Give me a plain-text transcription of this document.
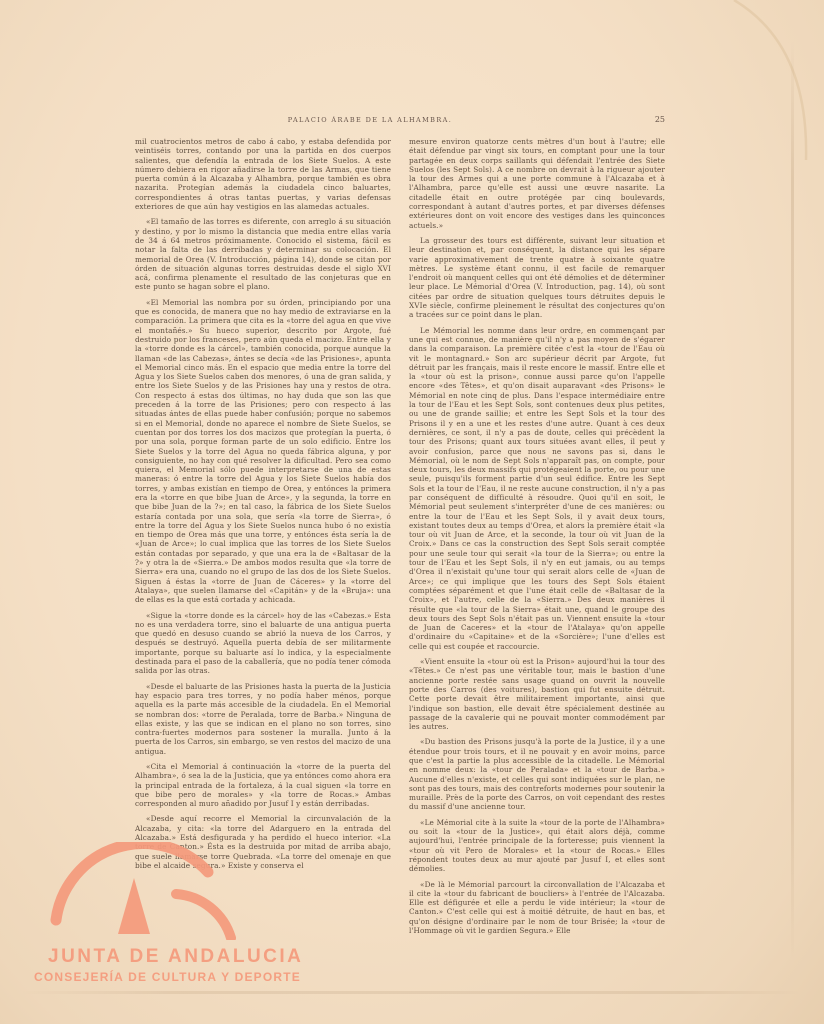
PALACIO ÁRABE DE LA ALHAMBRA.	25

mil cuatrocientos metros de cabo á cabo, y estaba defendida por veintiséis torres, contando por una la partida en dos cuerpos salientes, que defendía la entrada de los Siete Suelos. A este número debiera en rigor añadirse la torre de las Armas, que tiene puerta común á la Alcazaba y Alhambra, porque también es obra nazarita. Protegían además la ciudadela cinco baluartes, correspondientes á otras tantas puertas, y varias defensas exteriores de que aún hay vestigios en las alamedas actuales.

«El tamaño de las torres es diferente, con arreglo á su situación y destino, y por lo mismo la distancia que media entre ellas varía de 34 á 64 metros próximamente. Conocido el sistema, fácil es notar la falta de las derribadas y determinar su colocación. El memorial de Orea (V. Introducción, página 14), donde se citan por órden de situación algunas torres destruidas desde el siglo XVI acá, confirma plenamente el resultado de las conjeturas que en este punto se hagan sobre el plano.

«El Memorial las nombra por su órden, principiando por una que es conocida, de manera que no hay medio de extraviarse en la comparación. La primera que cita es la «torre del agua en que vive el montañés.» Su hueco superior, descrito por Argote, fué destruido por los franceses, pero aún queda el macizo. Entre ella y la «torre donde es la cárcel», también conocida, porque aunque la llaman «de las Cabezas», ántes se decía «de las Prisiones», apunta el Memorial cinco más. En el espacio que media entre la torre del Agua y los Siete Suelos caben dos menores, ó una de gran salida, y entre los Siete Suelos y de las Prisiones hay una y restos de otra. Con respecto á estas dos últimas, no hay duda que son las que preceden á la torre de las Prisiones; pero con respecto á las situadas ántes de ellas puede haber confusión; porque no sabemos si en el Memorial, donde no aparece el nombre de Siete Suelos, se cuentan por dos torres los dos macizos que protegían la puerta, ó por una sola, porque forman parte de un solo edificio. Entre los Siete Suelos y la torre del Agua no queda fábrica alguna, y por consiguiente, no hay con qué resolver la dificultad. Pero sea como quiera, el Memorial sólo puede interpretarse de una de estas maneras: ó entre la torre del Agua y los Siete Suelos había dos torres, y ambas existían en tiempo de Orea, y entónces la primera era la «torre en que bibe Juan de Arce», y la segunda, la torre en que bibe Juan de la ?»; en tal caso, la fábrica de los Siete Suelos estaría contada por una sola, que sería «la torre de Sierra», ó entre la torre del Agua y los Siete Suelos nunca hubo ó no existía en tiempo de Orea más que una torre, y entónces ésta sería la de «Juan de Arce»; lo cual implica que las torres de los Siete Suelos están contadas por separado, y que una era la de «Baltasar de la ?» y otra la de «Sierra.» De ambos modos resulta que «la torre de Sierra» era una, cuando no el grupo de las dos de los Siete Suelos. Siguen á éstas la «torre de Juan de Cáceres» y la «torre del Atalaya», que suelen llamarse del «Capitán» y de la «Bruja»: una de ellas es la que está cortada y achicada.

«Sigue la «torre donde es la cárcel» hoy de las «Cabezas.» Esta no es una verdadera torre, sino el baluarte de una antigua puerta que quedó en desuso cuando se abrió la nueva de los Carros, y después se destruyó. Aquella puerta debía de ser militarmente importante, porque su baluarte así lo indica, y la especialmente destinada para el paso de la caballería, que no podía tener cómoda salida por las otras.

«Desde el baluarte de las Prisiones hasta la puerta de la Justicia hay espacio para tres torres, y no podía haber ménos, porque aquella es la parte más accesible de la ciudadela. En el Memorial se nombran dos: «torre de Peralada, torre de Barba.» Ninguna de ellas existe, y las que se indican en el plano no son torres, sino contra-fuertes modernos para sostener la muralla. Junto á la puerta de los Carros, sin embargo, se ven restos del macizo de una antigua.

«Cita el Memorial á continuación la «torre de la puerta del Alhambra», ó sea la de la Justicia, que ya entónces como ahora era la principal entrada de la fortaleza, á la cual siguen «la torre en que bibe pero de morales» y «la torre de Rocas.» Ambas corresponden al muro añadido por Jusuf I y están derribadas.

«Desde aquí recorre el Memorial la circunvalación de la Alcazaba, y cita: «la torre del Adarguero en la entrada del Alcazaba.» Está desfigurada y ha perdido el hueco interior. «La torre de Canton.» Ésta es la destruida por mitad de arriba abajo, que suele llamarse torre Quebrada. «La torre del omenaje en que bibe el alcaide segura.» Existe y conserva el

mesure environ quatorze cents mètres d'un bout à l'autre; elle était défendue par vingt six tours, en comptant pour une la tour partagée en deux corps saillants qui défendait l'entrée des Siete Suelos (les Sept Sols). A ce nombre on devrait à la rigueur ajouter la tour des Armes qui a une porte commune à l'Alcazaba et à l'Alhambra, parce qu'elle est aussi une œuvre nasarite. La citadelle était en outre protégée par cinq boulevards, correspondant à autant d'autres portes, et par diverses défenses extérieures dont on voit encore des vestiges dans les quinconces actuels.»

La grosseur des tours est différente, suivant leur situation et leur destination et, par conséquent, la distance qui les sépare varie approximativement de trente quatre à soixante quatre mètres. Le système étant connu, il est facile de remarquer l'endroit où manquent celles qui ont été démolies et de déterminer leur place. Le Mémorial d'Orea (V. Introduction, pag. 14), où sont citées par ordre de situation quelques tours détruites depuis le XVIe siècle, confirme pleinement le résultat des conjectures qu'on a tracées sur ce point dans le plan.

Le Mémorial les nomme dans leur ordre, en commençant par une qui est connue, de manière qu'il n'y a pas moyen de s'égarer dans la comparaison. La première citée c'est la «tour de l'Eau où vit le montagnard.» Son arc supérieur décrit par Argote, fut détruit par les français, mais il reste encore le massif. Entre elle et la «tour où est la prison», connue aussi parce qu'on l'appelle encore «des Têtes», et qu'on disait auparavant «des Prisons» le Mémorial en note cinq de plus. Dans l'espace intermédiaire entre la tour de l'Eau et les Sept Sols, sont contenues deux plus petites, ou une de grande saillie; et entre les Sept Sols et la tour des Prisons il y en a une et les restes d'une autre. Quant à ces deux dernières, ce sont, il n'y a pas de doute, celles qui précèdent la tour des Prisons; quant aux tours situées avant elles, il peut y avoir confusion, parce que nous ne savons pas si, dans le Mémorial, où le nom de Sept Sols n'apparaît pas, on compte, pour deux tours, les deux massifs qui protégeaient la porte, ou pour une seule, puisqu'ils forment partie d'un seul édifice. Entre les Sept Sols et la tour de l'Eau, il ne reste aucune construction, il n'y a pas par conséquent de difficulté à résoudre. Quoi qu'il en soit, le Mémorial peut seulement s'interpréter d'une de ces manières: ou entre la tour de l'Eau et les Sept Sols, il y avait deux tours, existant toutes deux au temps d'Orea, et alors la première était «la tour où vit Juan de Arce, et la seconde, la tour où vit Juan de la Croix.» Dans ce cas la construction des Sept Sols serait comptée pour une seule tour qui serait «la tour de la Sierra»; ou entre la tour de l'Eau et les Sept Sols, il n'y en eut jamais, ou au temps d'Orea il n'existait qu'une tour qui serait alors celle de «Juan de Arce»; ce qui implique que les tours des Sept Sols étaient comptées séparément et que l'une était celle de «Baltasar de la Croix», et l'autre, celle de la «Sierra.» Des deux manières il résulte que «la tour de la Sierra» était une, quand le groupe des deux tours des Sept Sols n'était pas un. Viennent ensuite la «tour de Juan de Caceres» et la «tour de l'Atalaya» qu'on appelle d'ordinaire du «Capitaine» et de la «Sorcière»; l'une d'elles est celle qui est coupée et raccourcie.

«Vient ensuite la «tour où est la Prison» aujourd'hui la tour des «Têtes.» Ce n'est pas une véritable tour, mais le bastion d'une ancienne porte restée sans usage quand on ouvrit la nouvelle porte des Carros (des voitures), bastion qui fut ensuite détruit. Cette porte devait être militairement importante, ainsi que l'indique son bastion, elle devait être spécialement destinée au passage de la cavalerie qui ne pouvait monter commodément par les autres.

«Du bastion des Prisons jusqu'à la porte de la Justice, il y a une étendue pour trois tours, et il ne pouvait y en avoir moins, parce que c'est la partie la plus accessible de la citadelle. Le Mémorial en nomme deux: la «tour de Peralada» et la «tour de Barba.» Aucune d'elles n'existe, et celles qui sont indiquées sur le plan, ne sont pas des tours, mais des contreforts modernes pour soutenir la muraille. Près de la porte des Carros, on voit cependant des restes du massif d'une ancienne tour.

«Le Mémorial cite à la suite la «tour de la porte de l'Alhambra» ou soit la «tour de la Justice», qui était alors déjà, comme aujourd'hui, l'entrée principale de la forteresse; puis viennent la «tour où vit Pero de Morales» et la «tour de Rocas.» Elles répondent toutes deux au mur ajouté par Jusuf I, et elles sont démolies.

«De là le Mémorial parcourt la circonvallation de l'Alcazaba et il cite la «tour du fabricant de boucliers» à l'entrée de l'Alcazaba. Elle est défigurée et elle a perdu le vide intérieur; la «tour de Canton.» C'est celle qui est à moitié détruite, de haut en bas, et qu'on désigne d'ordinaire par le nom de tour Brisée; la «tour de l'Hommage où vit le gardien Segura.» Elle

JUNTA DE ANDALUCIA
CONSEJERÍA DE CULTURA Y DEPORTE
